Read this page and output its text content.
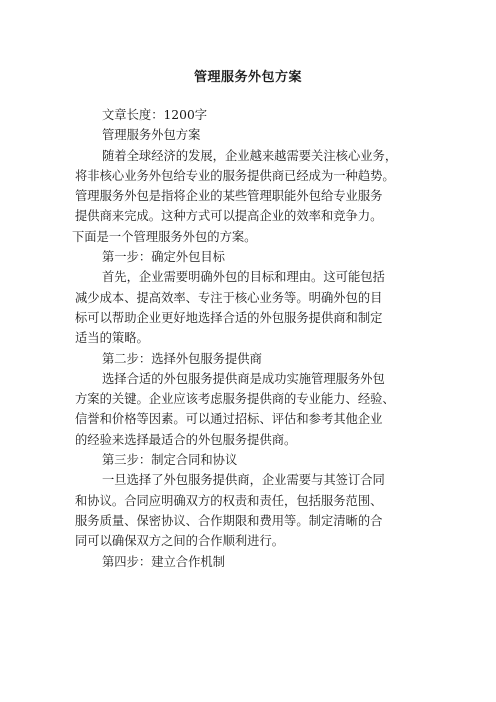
管理服务外包方案
文章长度：1200字
管理服务外包方案
随着全球经济的发展，企业越来越需要关注核心业务，
将非核心业务外包给专业的服务提供商已经成为一种趋势。
管理服务外包是指将企业的某些管理职能外包给专业服务
提供商来完成。这种方式可以提高企业的效率和竞争力。
下面是一个管理服务外包的方案。
第一步：确定外包目标
首先，企业需要明确外包的目标和理由。这可能包括
减少成本、提高效率、专注于核心业务等。明确外包的目
标可以帮助企业更好地选择合适的外包服务提供商和制定
适当的策略。
第二步：选择外包服务提供商
选择合适的外包服务提供商是成功实施管理服务外包
方案的关键。企业应该考虑服务提供商的专业能力、经验、
信誉和价格等因素。可以通过招标、评估和参考其他企业
的经验来选择最适合的外包服务提供商。
第三步：制定合同和协议
一旦选择了外包服务提供商，企业需要与其签订合同
和协议。合同应明确双方的权责和责任，包括服务范围、
服务质量、保密协议、合作期限和费用等。制定清晰的合
同可以确保双方之间的合作顺利进行。
第四步：建立合作机制
